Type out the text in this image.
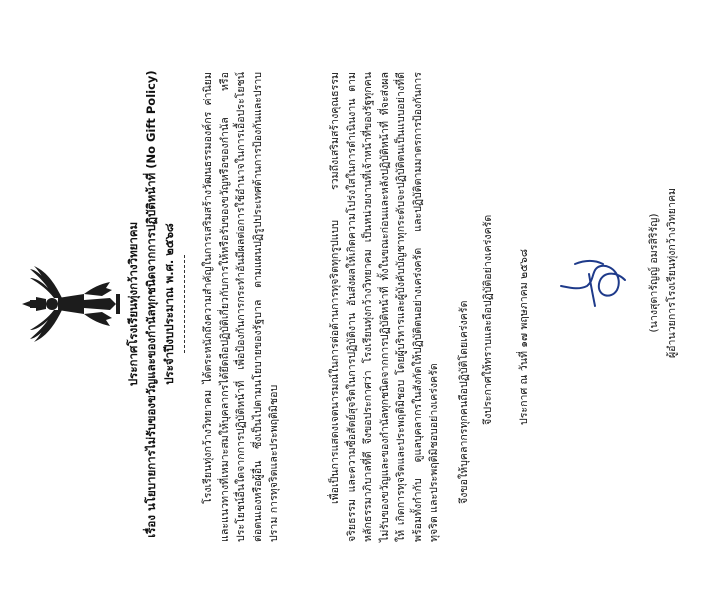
ประกาศโรงเรียนทุ่งกว้างวิทยาคม เรื่อง นโยบายการไม่รับของขวัญและของกำนัลทุกชนิดจากการปฏิบัติหน้าที่ (No Gift Policy) ประจำปีงบประมาณ พ.ศ. ๒๕๖๘ โรงเรียนทุ่งกว้างวิทยาคม ได้ตระหนักถึงความสำคัญในการเสริมสร้างวัฒนธรรมองค์กร ค่านิยม และแนวทางที่เหมาะสมให้บุคลากรได้ยึดถือปฏิบัติเกี่ยวกับการให้หรือรับของขวัญหรือของกำนัล หรือประโยชน์อื่นใดจากการปฏิบัติหน้าที่ เพื่อป้องกันการกระทำอันมีผลต่อการใช้อำนาจในการเอื้อประโยชน์ ต่อตนเองหรือผู้อื่น ซึ่งเป็นไปตามนโยบายของรัฐบาล ตามแผนปฏิรูปประเทศด้านการป้องกันและปราบปราม การทุจริตและประพฤติมิชอบ	เพื่อเป็นการแสดงเจตนารมณ์ในการต่อต้านการทุจริตทุกรูปแบบ รวมถึงเสริมสร้างคุณธรรม จริยธรรม และความซื่อสัตย์สุจริตในการปฏิบัติงาน อันส่งผลให้เกิดความโปร่งใสในการดำเนินงาน ตามหลักธรรมาภิบาลที่ดี จึงขอประกาศว่า โรงเรียนทุ่งกว้างวิทยาคม เป็นหน่วยงานที่เจ้าหน้าที่ของรัฐทุกคน ไม่รับของขวัญและของกำนัลทุกชนิดจากการปฏิบัติหน้าที่ ทั้งในขณะก่อนและหลังปฏิบัติหน้าที่ ที่จะส่งผลให้ เกิดการทุจริตและประพฤติมิชอบ โดยผู้บริหารและผู้บังคับบัญชาทุกระดับจะปฏิบัติตนเป็นแบบอย่างที่ดี พร้อมทั้งกำกับ ดูแลบุคลากรในสังกัดให้ปฏิบัติตนอย่างเคร่งครัด และปฏิบัติตามมาตรการป้องกันการทุจริต และประพฤติมิชอบอย่างเคร่งครัด จึงขอให้บุคลากรทุกคนถือปฏิบัติโดยเคร่งครัด จึงประกาศให้ทราบและถือปฏิบัติอย่างเคร่งครัด ประกาศ ณ วันที่ ๑๗ พฤษภาคม ๒๕๖๘	(นางสุดารัญญ์ อมรสิริรัญ) ผู้อำนวยการโรงเรียนทุ่งกว้างวิทยาคม
